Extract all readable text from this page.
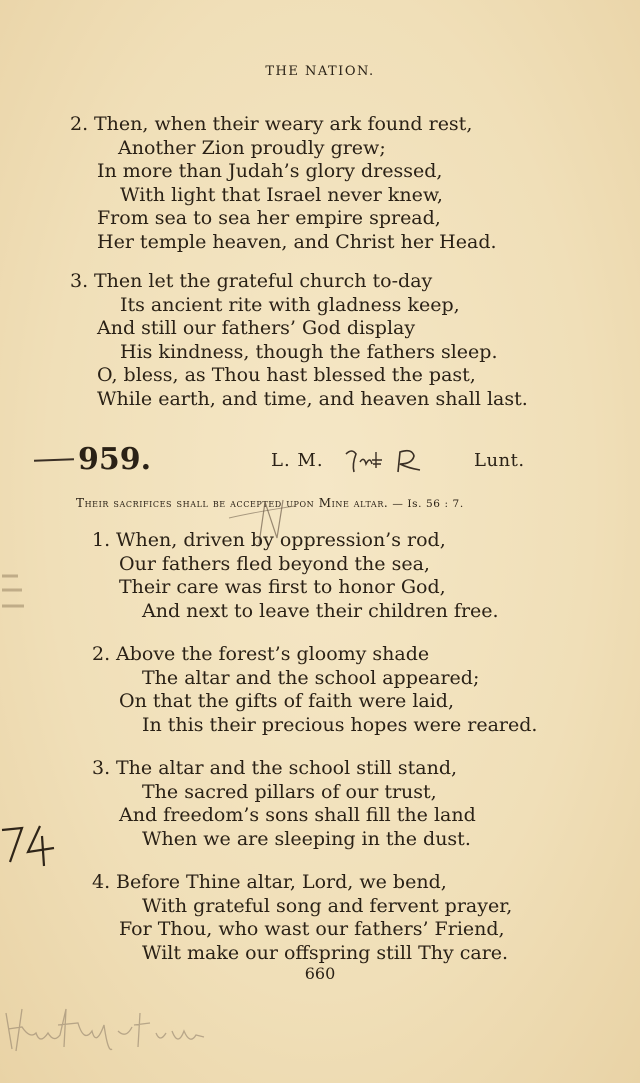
THE NATION.
2. Then, when their weary ark found rest,
Another Zion proudly grew;
In more than Judah’s glory dressed,
With light that Israel never knew,
From sea to sea her empire spread,
Her temple heaven, and Christ her Head.
3. Then let the grateful church to-day
Its ancient rite with gladness keep,
And still our fathers’ God display
His kindness, though the fathers sleep.
O, bless, as Thou hast blessed the past,
While earth, and time, and heaven shall last.
959.	L. M.	Lunt.
Their sacrifices shall be accepted upon Mine altar. — Is. 56 : 7.
1. When, driven by oppression’s rod,
Our fathers fled beyond the sea,
Their care was first to honor God,
And next to leave their children free.
2. Above the forest’s gloomy shade
The altar and the school appeared;
On that the gifts of faith were laid,
In this their precious hopes were reared.
3. The altar and the school still stand,
The sacred pillars of our trust,
And freedom’s sons shall fill the land
When we are sleeping in the dust.
4. Before Thine altar, Lord, we bend,
With grateful song and fervent prayer,
For Thou, who wast our fathers’ Friend,
Wilt make our offspring still Thy care.
660
